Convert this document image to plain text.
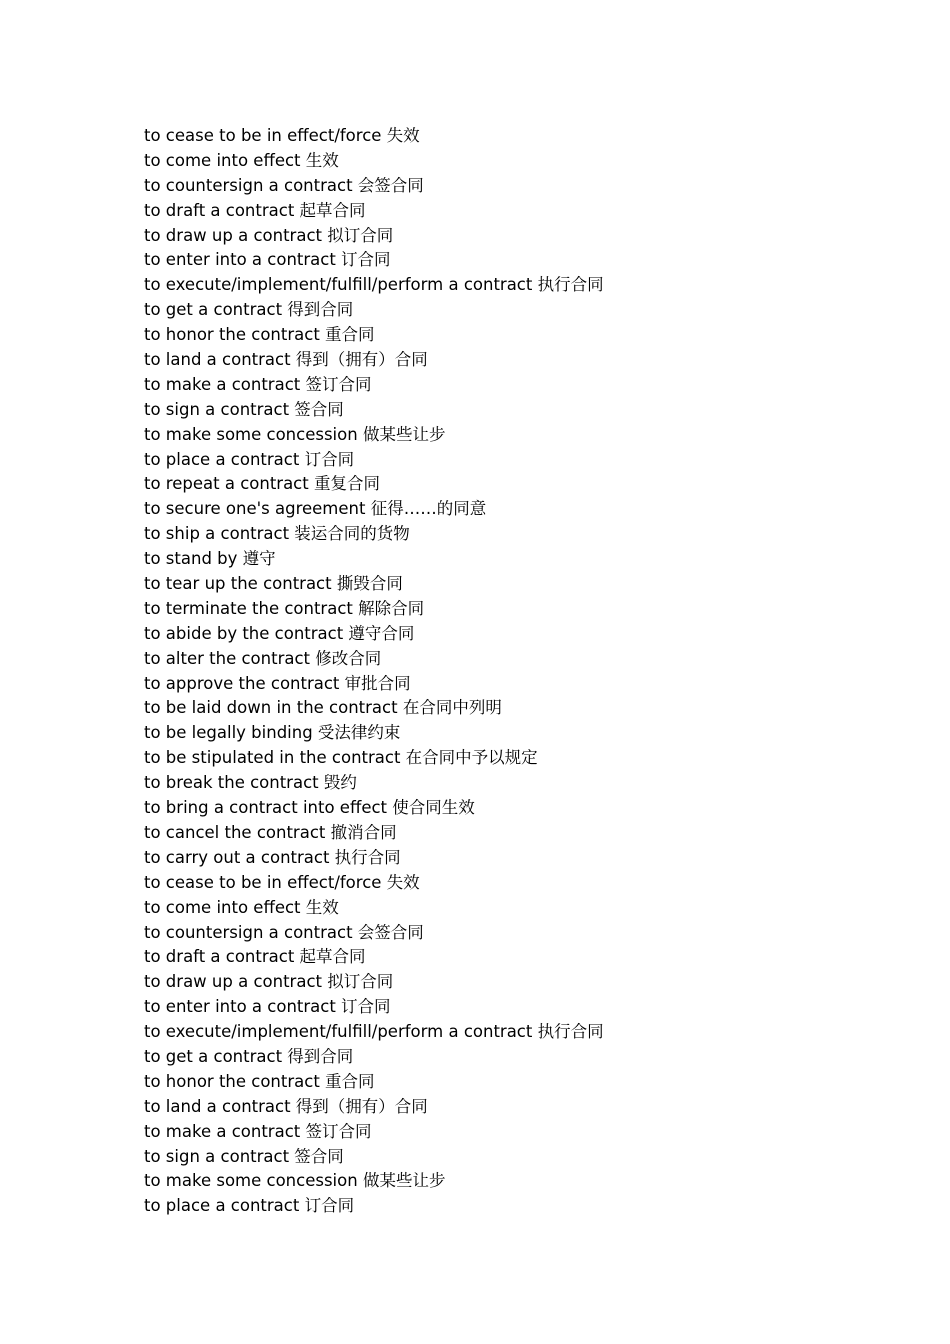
to cease to be in effect/force 失效
to come into effect 生效
to countersign a contract 会签合同
to draft a contract 起草合同
to draw up a contract 拟订合同
to enter into a contract 订合同
to execute/implement/fulfill/perform a contract 执行合同
to get a contract 得到合同
to honor the contract 重合同
to land a contract 得到（拥有）合同
to make a contract 签订合同
to sign a contract 签合同
to make some concession 做某些让步
to place a contract 订合同
to repeat a contract 重复合同
to secure one's agreement 征得……的同意
to ship a contract 装运合同的货物
to stand by 遵守
to tear up the contract 撕毁合同
to terminate the contract 解除合同
to abide by the contract 遵守合同
to alter the contract 修改合同
to approve the contract 审批合同
to be laid down in the contract 在合同中列明
to be legally binding 受法律约束
to be stipulated in the contract 在合同中予以规定
to break the contract 毁约
to bring a contract into effect 使合同生效
to cancel the contract 撤消合同
to carry out a contract 执行合同
to cease to be in effect/force 失效
to come into effect 生效
to countersign a contract 会签合同
to draft a contract 起草合同
to draw up a contract 拟订合同
to enter into a contract 订合同
to execute/implement/fulfill/perform a contract 执行合同
to get a contract 得到合同
to honor the contract 重合同
to land a contract 得到（拥有）合同
to make a contract 签订合同
to sign a contract 签合同
to make some concession 做某些让步
to place a contract 订合同
